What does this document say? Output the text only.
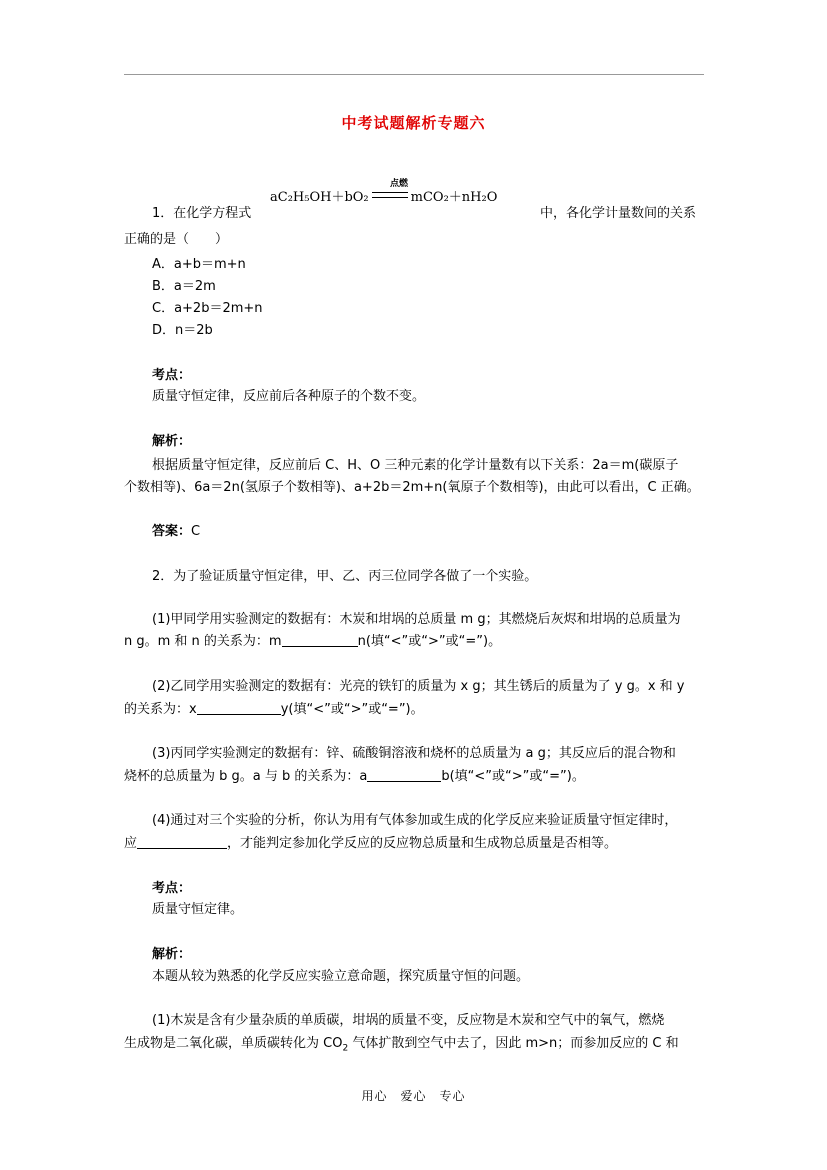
中考试题解析专题六
1．在化学方程式
aC₂H₅OH＋bO₂	mCO₂＋nH₂O
点燃
中，各化学计量数间的关系
正确的是（　　）
A．a+b＝m+n
B．a＝2m
C．a+2b＝2m+n
D．n＝2b
考点：
质量守恒定律，反应前后各种原子的个数不变。
解析：
根据质量守恒定律，反应前后 C、H、O 三种元素的化学计量数有以下关系：2a＝m(碳原子
个数相等)、6a＝2n(氢原子个数相等)、a+2b＝2m+n(氧原子个数相等)，由此可以看出，C 正确。
答案：C
2．为了验证质量守恒定律，甲、乙、丙三位同学各做了一个实验。
(1)甲同学用实验测定的数据有：木炭和坩埚的总质量 m g；其燃烧后灰烬和坩埚的总质量为
n g。m 和 n 的关系为：m	n(填“<”或“>”或“=”)。
(2)乙同学用实验测定的数据有：光亮的铁钉的质量为 x g；其生锈后的质量为了 y g。x 和 y
的关系为：x	y(填“<”或“>”或“=”)。
(3)丙同学实验测定的数据有：锌、硫酸铜溶液和烧杯的总质量为 a g；其反应后的混合物和
烧杯的总质量为 b g。a 与 b 的关系为：a	b(填“<”或“>”或“=”)。
(4)通过对三个实验的分析，你认为用有气体参加或生成的化学反应来验证质量守恒定律时，
应	，才能判定参加化学反应的反应物总质量和生成物总质量是否相等。
考点：
质量守恒定律。
解析：
本题从较为熟悉的化学反应实验立意命题，探究质量守恒的问题。
(1)木炭是含有少量杂质的单质碳，坩埚的质量不变，反应物是木炭和空气中的氧气，燃烧
生成物是二氧化碳，单质碳转化为 $CO_2$ 气体扩散到空气中去了，因此 m>n；而参加反应的 C 和
用心　爱心　专心
